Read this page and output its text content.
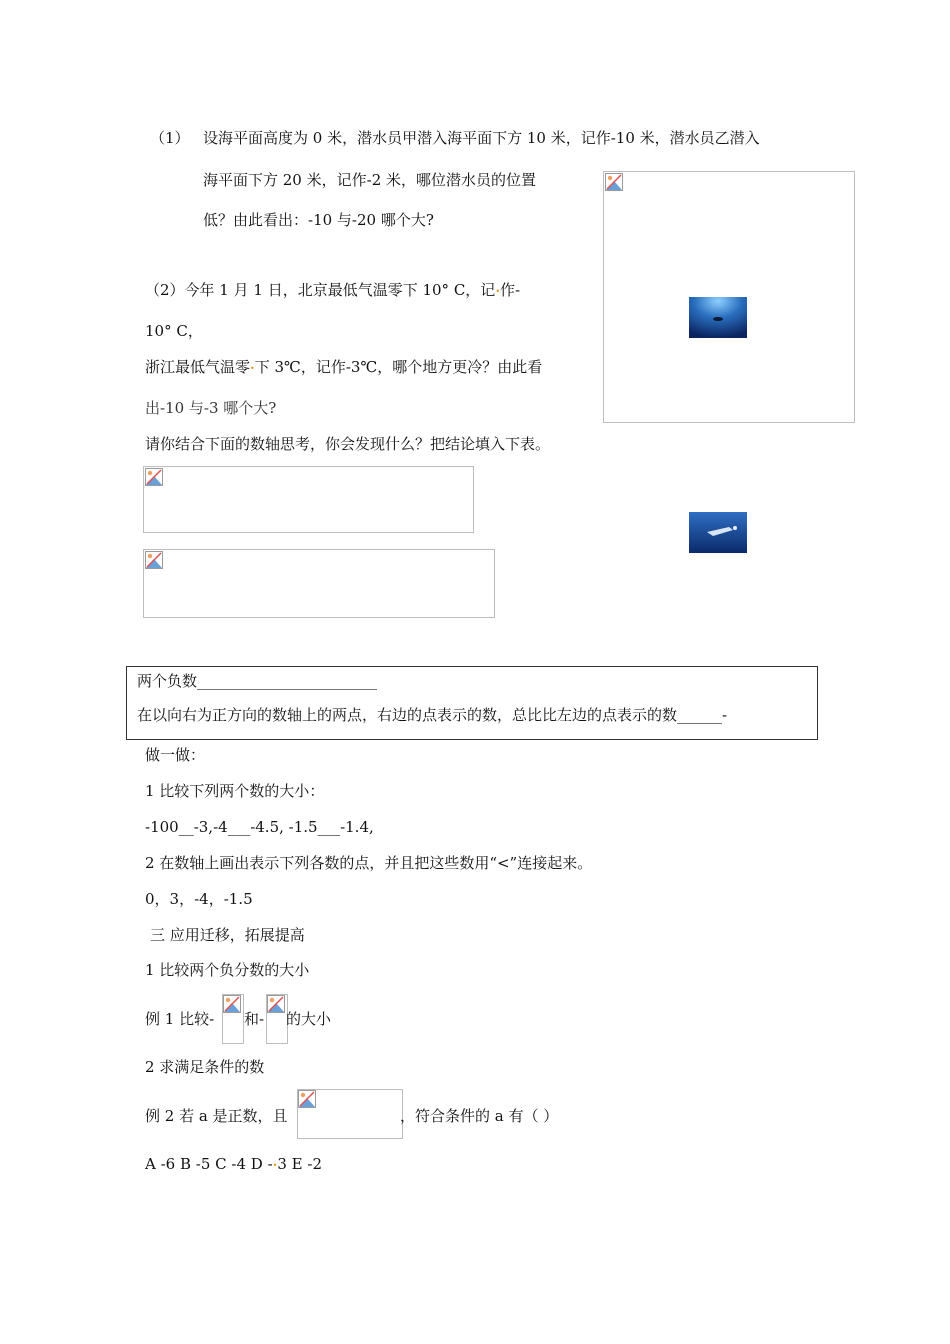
（1） 设海平面高度为 0 米，潜水员甲潜入海平面下方 10 米，记作-10 米，潜水员乙潜入
海平面下方 20 米，记作-2 米，哪位潜水员的位置
低？由此看出：-10 与-20 哪个大?
（2）今年 1 月 1 日，北京最低气温零下 10° C，记•作-
10° C，
浙江最低气温零•下 3℃，记作-3℃，哪个地方更冷？由此看
出-10 与-3 哪个大?
请你结合下面的数轴思考，你会发现什么？把结论填入下表。
两个负数________________________
在以向右为正方向的数轴上的两点，右边的点表示的数，总比比左边的点表示的数______-
做一做：
1 比较下列两个数的大小：
-100__-3,-4___-4.5, -1.5___-1.4,
2 在数轴上画出表示下列各数的点，并且把这些数用“<”连接起来。
0，3，-4，-1.5
三 应用迁移，拓展提高
1 比较两个负分数的大小
例 1 比较- 和- 的大小
2 求满足条件的数
例 2 若 a 是正数，且	，符合条件的 a 有（ ）
A -6 B -5 C -4 D -•3 E -2
